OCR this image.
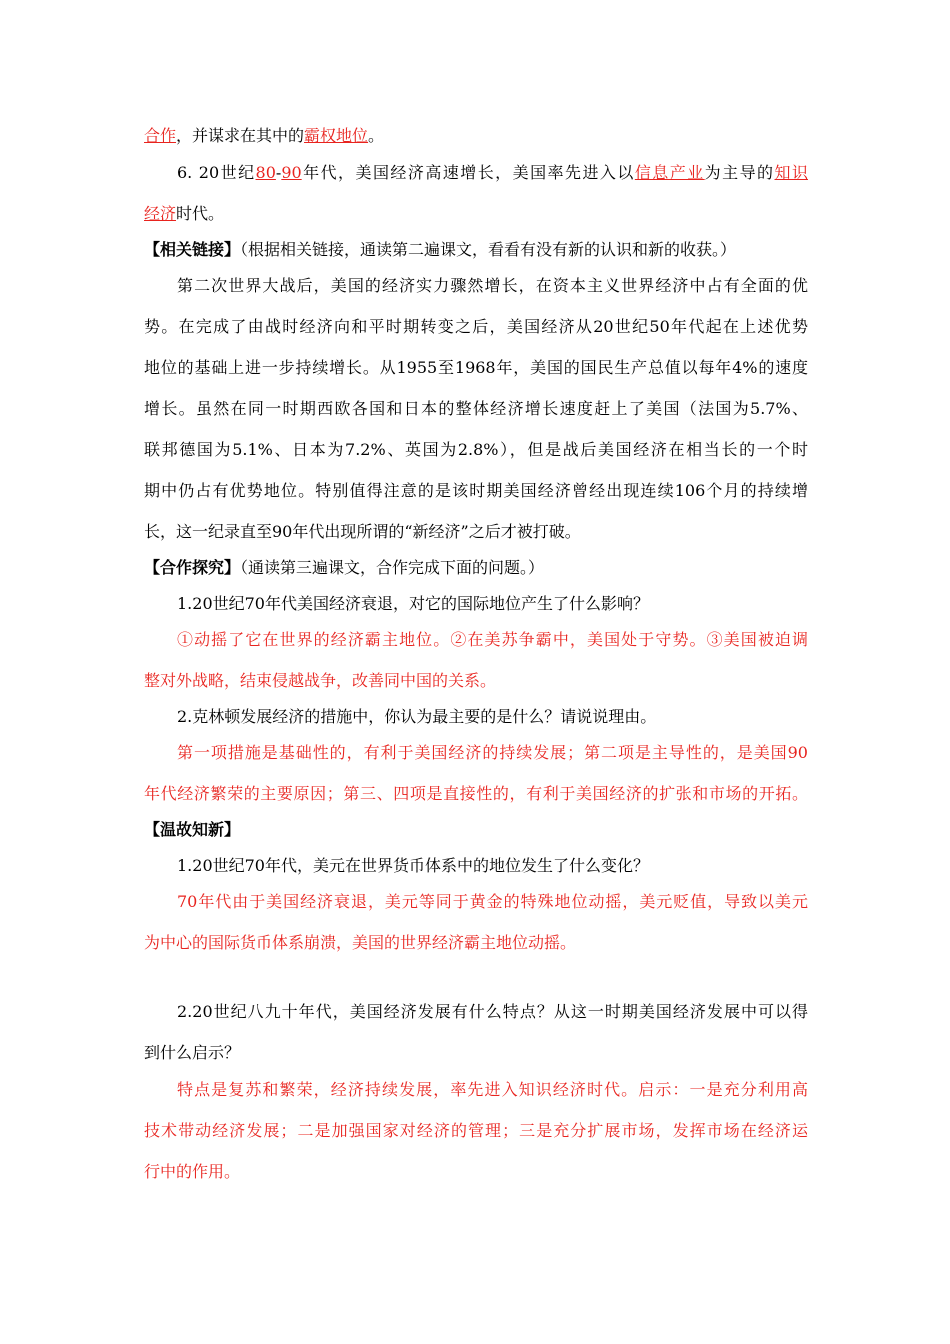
合作，并谋求在其中的霸权地位。
6. 20世纪80-90年代，美国经济高速增长，美国率先进入以信息产业为主导的知识
经济时代。
【相关链接】（根据相关链接，通读第二遍课文，看看有没有新的认识和新的收获。）
第二次世界大战后，美国的经济实力骤然增长，在资本主义世界经济中占有全面的优
势。在完成了由战时经济向和平时期转变之后，美国经济从20世纪50年代起在上述优势
地位的基础上进一步持续增长。从1955至1968年，美国的国民生产总值以每年4%的速度
增长。虽然在同一时期西欧各国和日本的整体经济增长速度赶上了美国（法国为5.7%、
联邦德国为5.1%、日本为7.2%、英国为2.8%），但是战后美国经济在相当长的一个时
期中仍占有优势地位。特别值得注意的是该时期美国经济曾经出现连续106个月的持续增
长，这一纪录直至90年代出现所谓的“新经济”之后才被打破。
【合作探究】（通读第三遍课文，合作完成下面的问题。）
1.20世纪70年代美国经济衰退，对它的国际地位产生了什么影响？
①动摇了它在世界的经济霸主地位。②在美苏争霸中，美国处于守势。③美国被迫调
整对外战略，结束侵越战争，改善同中国的关系。
2.克林顿发展经济的措施中，你认为最主要的是什么？请说说理由。
第一项措施是基础性的，有利于美国经济的持续发展；第二项是主导性的，是美国90
年代经济繁荣的主要原因；第三、四项是直接性的，有利于美国经济的扩张和市场的开拓。
【温故知新】
1.20世纪70年代，美元在世界货币体系中的地位发生了什么变化？
70年代由于美国经济衰退，美元等同于黄金的特殊地位动摇，美元贬值，导致以美元
为中心的国际货币体系崩溃，美国的世界经济霸主地位动摇。
2.20世纪八九十年代，美国经济发展有什么特点？从这一时期美国经济发展中可以得
到什么启示？
特点是复苏和繁荣，经济持续发展，率先进入知识经济时代。启示：一是充分利用高
技术带动经济发展；二是加强国家对经济的管理；三是充分扩展市场，发挥市场在经济运
行中的作用。
